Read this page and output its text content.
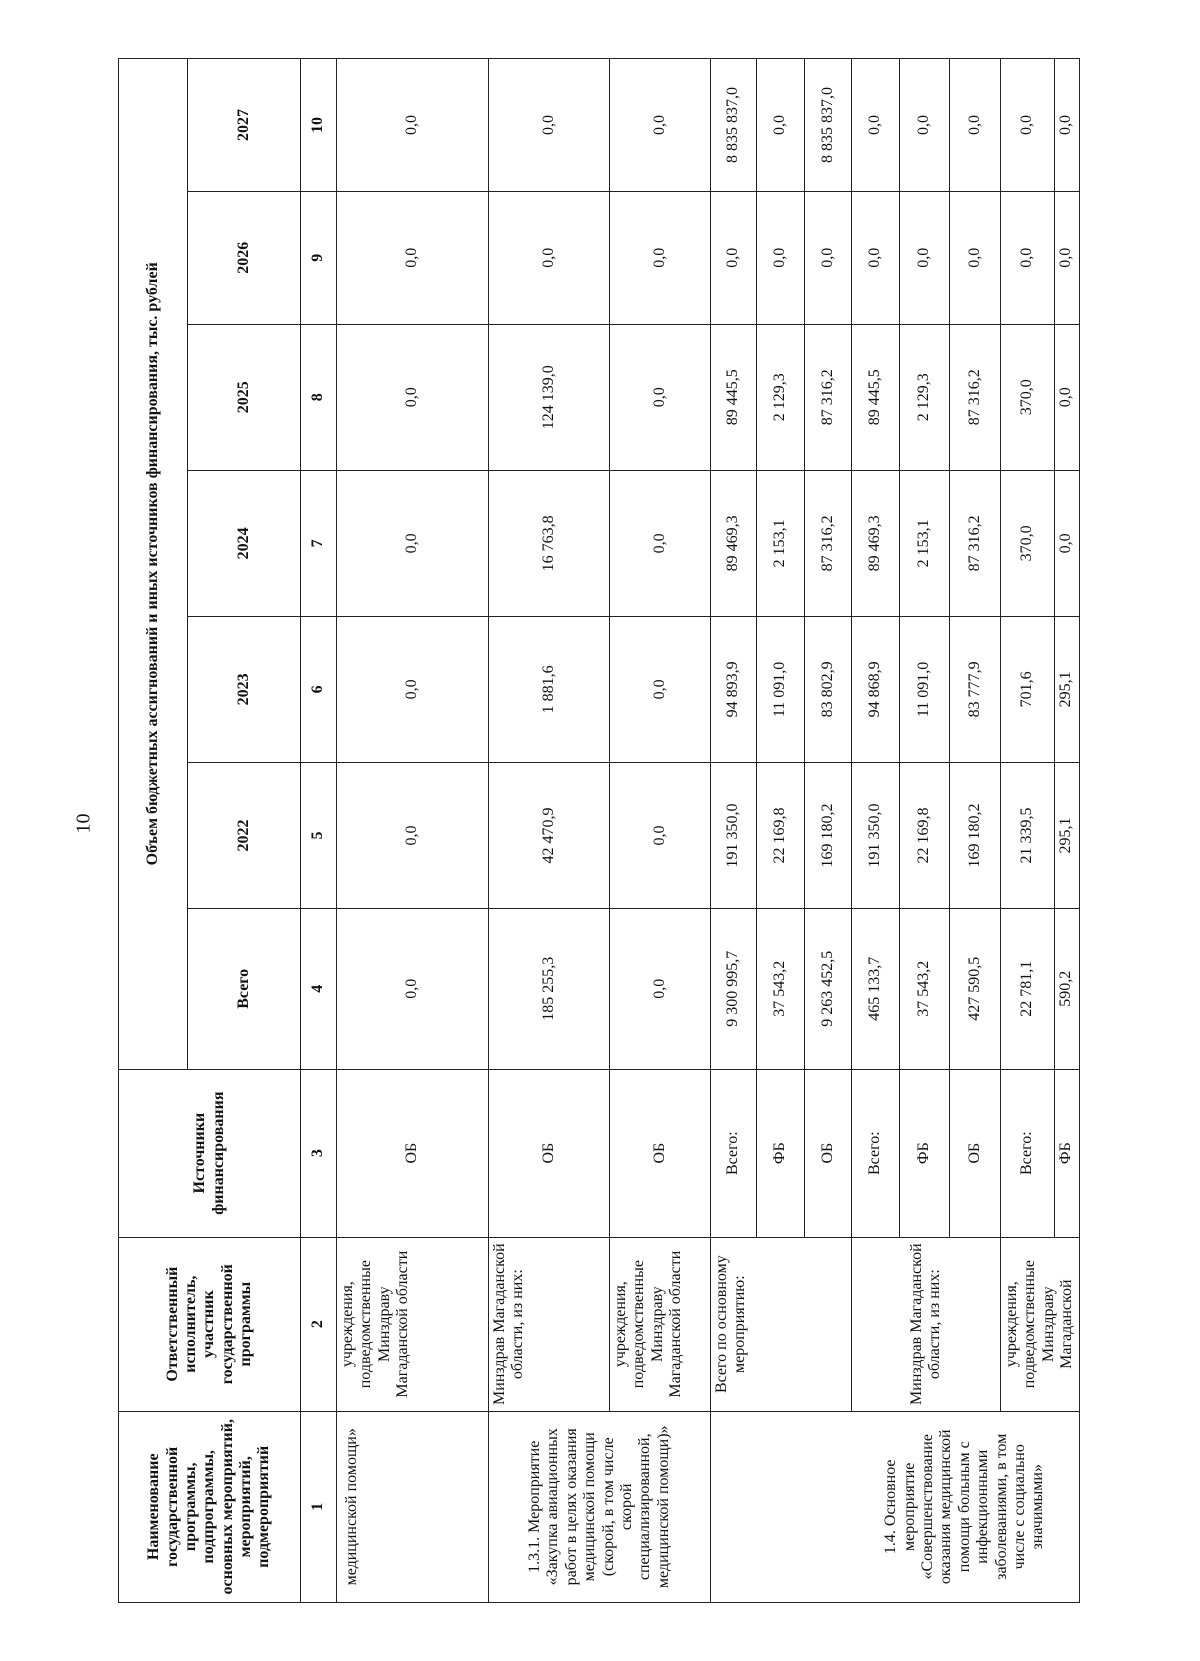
10
Наименование государственной программы, подпрограммы, основных мероприятий, мероприятий, подмероприятий	Ответственный исполнитель, участник государственной программы	Источники финансирования	Объем бюджетных ассигнований и иных источников финансирования, тыс. рублей						
			Всего	2022	2023	2024	2025	2026	2027
1	2	3	4	5	6	7	8	9	10
медицинской помощи»	учреждения, подведомственные Минздраву Магаданской области	ОБ	0,0	0,0	0,0	0,0	0,0	0,0	0,0
1.3.1. Мероприятие «Закупка авиационных работ в целях оказания медицинской помощи (скорой, в том числе скорой специализированной, медицинской помощи)»	Минздрав Магаданской области, из них:	ОБ	185 255,3	42 470,9	1 881,6	16 763,8	124 139,0	0,0	0,0
	учреждения, подведомственные Минздраву Магаданской области	ОБ	0,0	0,0	0,0	0,0	0,0	0,0	0,0
	Всего по основному мероприятию:	Всего:	9 300 995,7	191 350,0	94 893,9	89 469,3	89 445,5	0,0	8 835 837,0
		ФБ	37 543,2	22 169,8	11 091,0	2 153,1	2 129,3	0,0	0,0
		ОБ	9 263 452,5	169 180,2	83 802,9	87 316,2	87 316,2	0,0	8 835 837,0
1.4. Основное мероприятие «Совершенствование оказания медицинской помощи больным с инфекционными заболеваниями, в том числе с социально значимыми»	Минздрав Магаданской области, из них:	Всего:	465 133,7	191 350,0	94 868,9	89 469,3	89 445,5	0,0	0,0
		ФБ	37 543,2	22 169,8	11 091,0	2 153,1	2 129,3	0,0	0,0
		ОБ	427 590,5	169 180,2	83 777,9	87 316,2	87 316,2	0,0	0,0
	учреждения, подведомственные Минздраву Магаданской	Всего:	22 781,1	21 339,5	701,6	370,0	370,0	0,0	0,0
		ФБ	590,2	295,1	295,1	0,0	0,0	0,0	0,0
